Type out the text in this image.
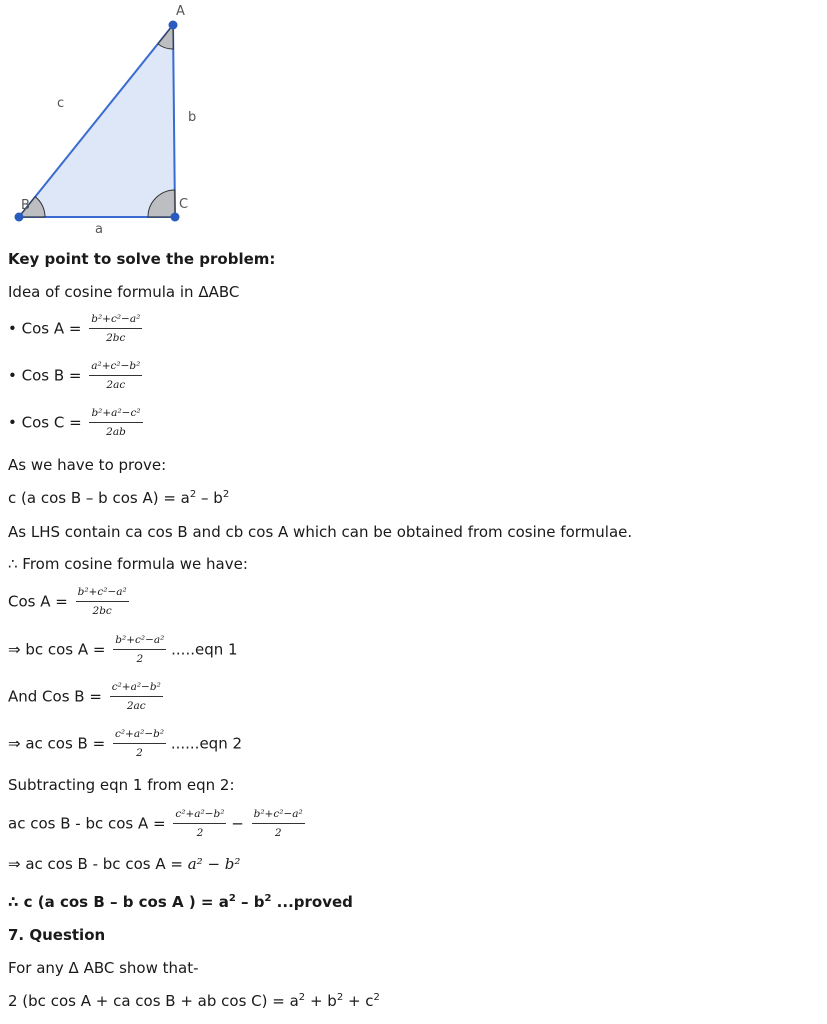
A
B	C
c
b
a
Key point to solve the problem:
Idea of cosine formula in ΔABC
• Cos $A = \frac{\text{b²+c²−a²}}{2bc}$
• Cos $B = \frac{\text{a²+c²−b²}}{2ac}$
• Cos $C = \frac{\text{b²+a²−c²}}{2ab}$
As we have to prove:
c (a cos B – b $\cos A) = a^2 - b^2$
As LHS contain ca cos B and cb cos A which can be obtained from cosine formulae.
∴ From cosine formula we have:
Cos $A = \frac{\text{b²+c²−a²}}{2bc}$
⇒ bc $\cos A = \frac{\text{b²+c²−a²}}{2} .....eqn$ 1
And Cos $B = \frac{\text{c²+a²−b²}}{2ac}$
⇒ ac $\cos B = \frac{\text{c²+a²−b²}}{2} ......eqn$ 2
Subtracting eqn 1 from eqn 2:
ac cos B - bc $\cos A = \frac{\text{c²+a²−b²}}{2} - \frac{\text{b²+c²−a²}}{2}$
⇒ ac cos B - bc cos A = a² − b²
∴ c (a cos B – b cos A ) = $a^2 - b^2$ ...proved
7. Question
For any Δ ABC show that-
2 (bc cos A + ca cos B + ab $\cos C) = a^2 + b^2 + c^2$
